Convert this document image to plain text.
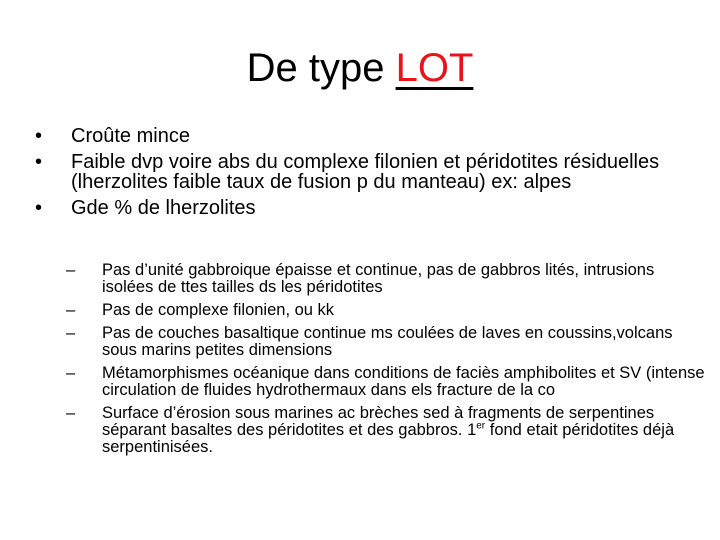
De type LOT
• Croûte mince
• Faible dvp voire abs du complexe filonien et péridotites résiduelles (lherzolites faible taux de fusion p du manteau) ex: alpes
• Gde % de lherzolites
– Pas d’unité gabbroique épaisse et continue, pas de gabbros lités, intrusions isolées de ttes tailles ds les péridotites
– Pas de complexe filonien, ou kk
– Pas de couches basaltique continue ms coulées de laves en coussins,volcans sous marins petites dimensions
– Métamorphismes océanique dans conditions de faciès amphibolites et SV (intense circulation de fluides hydrothermaux dans els fracture de la co
– Surface d’érosion sous marines ac brèches sed à fragments de serpentines séparant basaltes des péridotites et des gabbros. 1er fond etait péridotites déjà serpentinisées.
